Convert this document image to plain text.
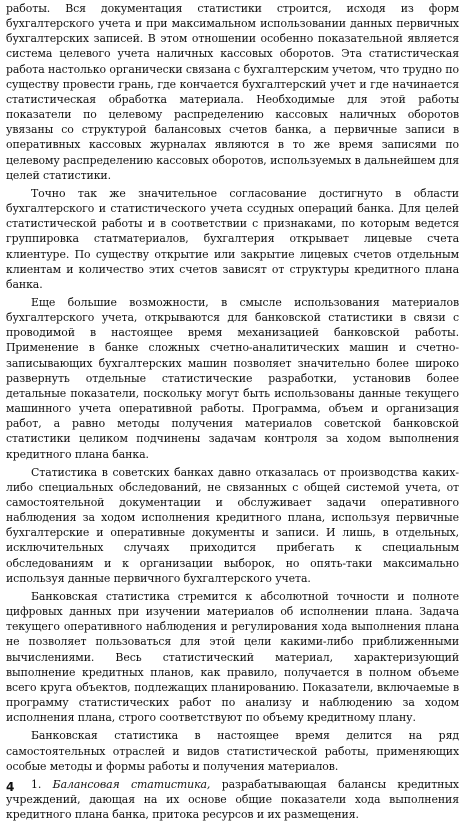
работы. Вся документация статистики строится, исходя из форм бухгалтерского учета и при максимальном использовании данных первичных бухгалтерских записей. В этом отношении особенно показательной является система целевого учета наличных кассовых оборотов. Эта статистическая работа настолько органически связана с бухгалтерским учетом, что трудно по существу провести грань, где кончается бухгалтерский учет и где начинается статистическая обработка материала. Необходимые для этой работы показатели по целевому распределению кассовых наличных оборотов увязаны со структурой балансовых счетов банка, а первичные записи в оперативных кассовых журналах являются в то же время записями по целевому распределению кассовых оборотов, используемых в дальнейшем для целей статистики.

Точно так же значительное согласование достигнуто в области бухгалтерского и статистического учета ссудных операций банка. Для целей статистической работы и в соответствии с признаками, по которым ведется группировка статматериалов, бухгалтерия открывает лицевые счета клиентуре. По существу открытие или закрытие лицевых счетов отдельным клиентам и количество этих счетов зависят от структуры кредитного плана банка.

Еще большие возможности, в смысле использования материалов бухгалтерского учета, открываются для банковской статистики в связи с проводимой в настоящее время механизацией банковской работы. Применение в банке сложных счетно-аналитических машин и счетно-записывающих бухгалтерских машин позволяет значительно более широко развернуть отдельные статистические разработки, установив более детальные показатели, поскольку могут быть использованы данные текущего машинного учета оперативной работы. Программа, объем и организация работ, а равно методы получения материалов советской банковской статистики целиком подчинены задачам контроля за ходом выполнения кредитного плана банка.

Статистика в советских банках давно отказалась от производства каких-либо специальных обследований, не связанных с общей системой учета, от самостоятельной документации и обслуживает задачи оперативного наблюдения за ходом исполнения кредитного плана, используя первичные бухгалтерские и оперативные документы и записи. И лишь, в отдельных, исключительных случаях приходится прибегать к специальным обследованиям и к организации выборок, но опять-таки максимально используя данные первичного бухгалтерского учета.

Банковская статистика стремится к абсолютной точности и полноте цифровых данных при изучении материалов об исполнении плана. Задача текущего оперативного наблюдения и регулирования хода выполнения плана не позволяет пользоваться для этой цели какими-либо приближенными вычислениями. Весь статистический материал, характеризующий выполнение кредитных планов, как правило, получается в полном объеме всего круга объектов, подлежащих планированию. Показатели, включаемые в программу статистических работ по анализу и наблюдению за ходом исполнения плана, строго соответствуют по объему кредитному плану.

Банковская статистика в настоящее время делится на ряд самостоятельных отраслей и видов статистической работы, применяющих особые методы и формы работы и получения материалов.

1. Балансовая статистика, разрабатывающая балансы кредитных учреждений, дающая на их основе общие показатели хода выполнения кредитного плана банка, притока ресурсов и их размещения.

4
